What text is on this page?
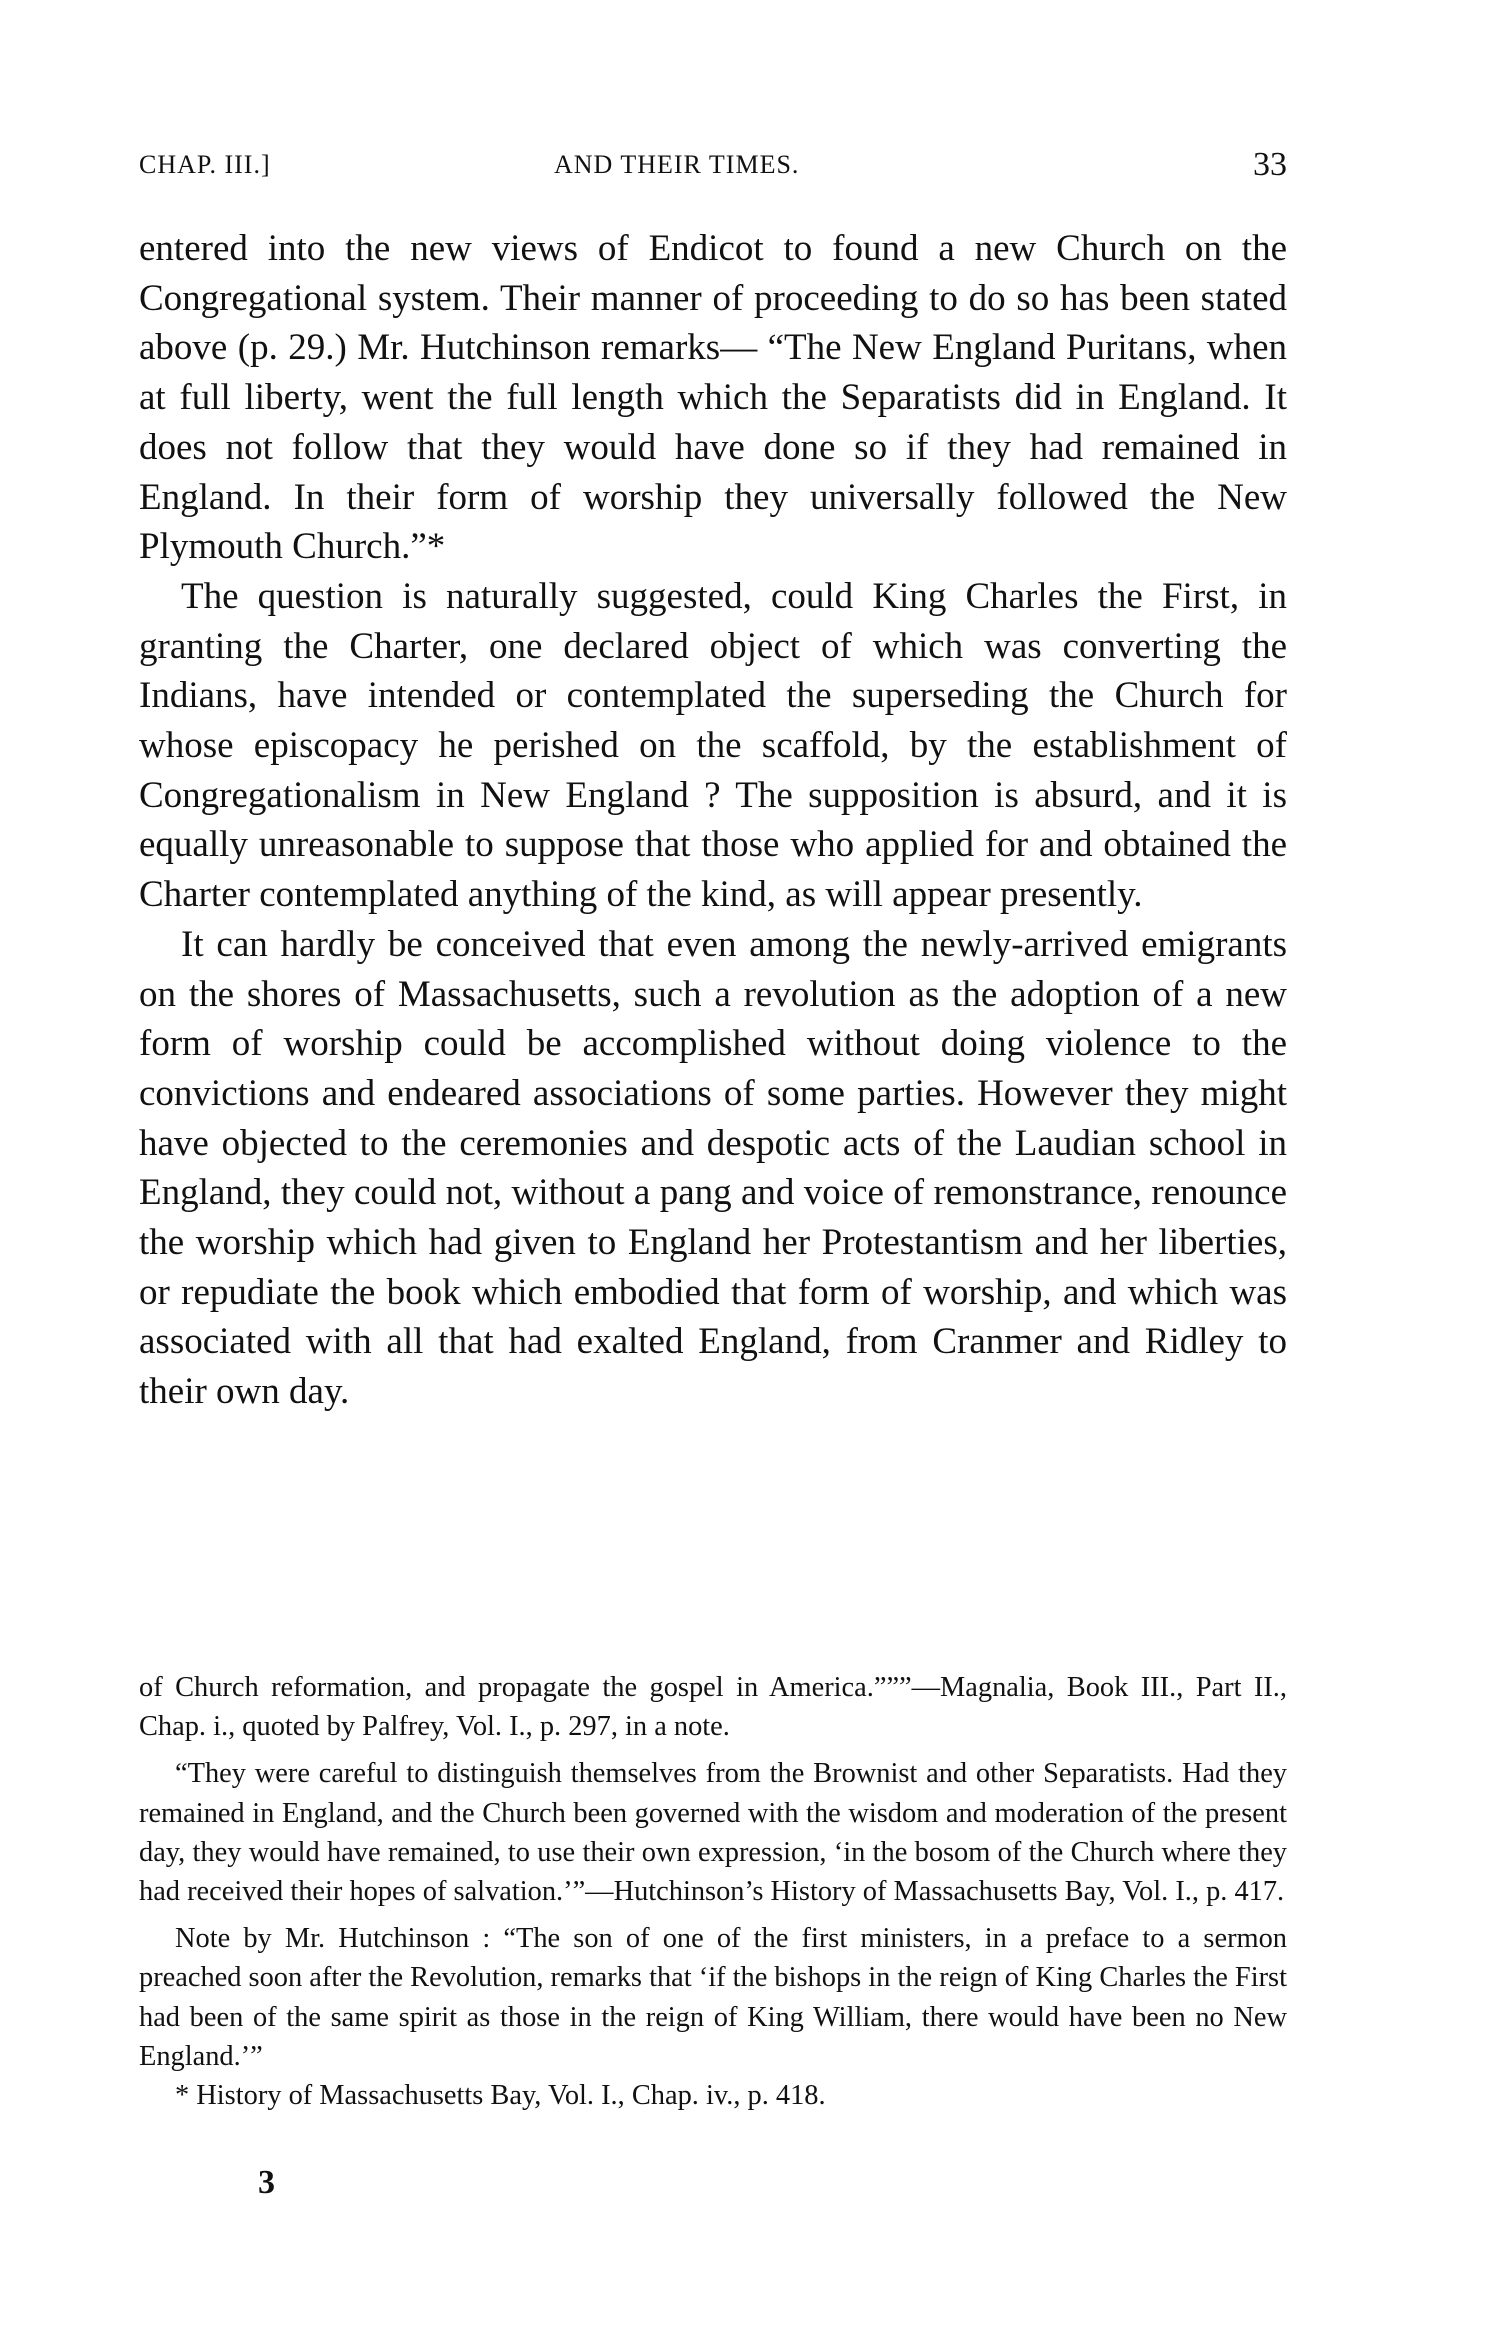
CHAP. III.]	AND THEIR TIMES.	33

entered into the new views of Endicot to found a new Church on the Congregational system. Their manner of proceeding to do so has been stated above (p. 29.) Mr. Hutchinson remarks— “The New England Puritans, when at full liberty, went the full length which the Separatists did in England. It does not follow that they would have done so if they had remained in England. In their form of worship they universally followed the New Plymouth Church.”*

The question is naturally suggested, could King Charles the First, in granting the Charter, one declared object of which was converting the Indians, have intended or contemplated the superseding the Church for whose episcopacy he perished on the scaffold, by the establishment of Congregationalism in New England ? The supposition is absurd, and it is equally unreasonable to suppose that those who applied for and obtained the Charter contemplated anything of the kind, as will appear presently.

It can hardly be conceived that even among the newly-arrived emigrants on the shores of Massachusetts, such a revolution as the adoption of a new form of worship could be accomplished without doing violence to the convictions and endeared associations of some parties. However they might have objected to the ceremonies and despotic acts of the Laudian school in England, they could not, without a pang and voice of remonstrance, renounce the worship which had given to England her Protestantism and her liberties, or repudiate the book which embodied that form of worship, and which was associated with all that had exalted England, from Cranmer and Ridley to their own day.

of Church reformation, and propagate the gospel in America.”””—Magnalia, Book III., Part II., Chap. i., quoted by Palfrey, Vol. I., p. 297, in a note.

“They were careful to distinguish themselves from the Brownist and other Separatists. Had they remained in England, and the Church been governed with the wisdom and moderation of the present day, they would have remained, to use their own expression, ‘in the bosom of the Church where they had received their hopes of salvation.’”—Hutchinson’s History of Massachusetts Bay, Vol. I., p. 417.

Note by Mr. Hutchinson : “The son of one of the first ministers, in a preface to a sermon preached soon after the Revolution, remarks that ‘if the bishops in the reign of King Charles the First had been of the same spirit as those in the reign of King William, there would have been no New England.’”

* History of Massachusetts Bay, Vol. I., Chap. iv., p. 418.

3
